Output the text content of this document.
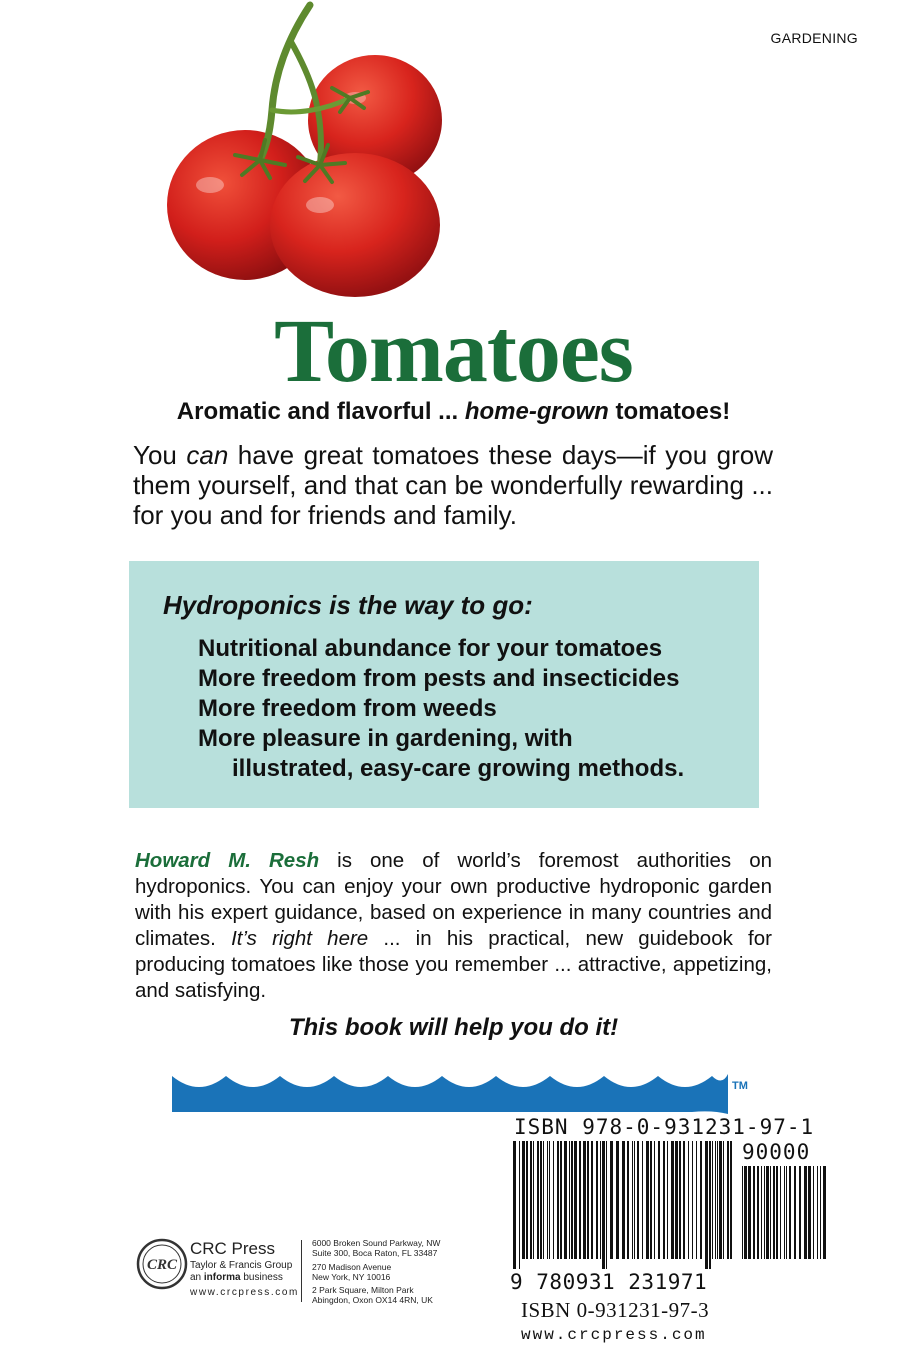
GARDENING
Tomatoes
Aromatic and flavorful ... home-grown tomatoes!
You can have great tomatoes these days—if you grow them yourself, and that can be wonderfully rewarding ... for you and for friends and family.
Hydroponics is the way to go:
Nutritional abundance for your tomatoes
More freedom from pests and insecticides
More freedom from weeds
More pleasure in gardening, with
illustrated, easy-care growing methods.
Howard M. Resh is one of world’s foremost authorities on hydroponics. You can enjoy your own productive hydroponic garden with his expert guidance, based on experience in many countries and climates. It’s right here ... in his practical, new guidebook for producing tomatoes like those you remember ... attractive, appetizing, and satisfying.
This book will help you do it!
TM
ISBN 978-0-931231-97-1
90000
9 780931 231971
ISBN 0-931231-97-3
www.crcpress.com
CRC
CRC Press
Taylor & Francis Group
an informa business
www.crcpress.com
6000 Broken Sound Parkway, NW
Suite 300, Boca Raton, FL 33487
270 Madison Avenue
New York, NY 10016
2 Park Square, Milton Park
Abingdon, Oxon OX14 4RN, UK
